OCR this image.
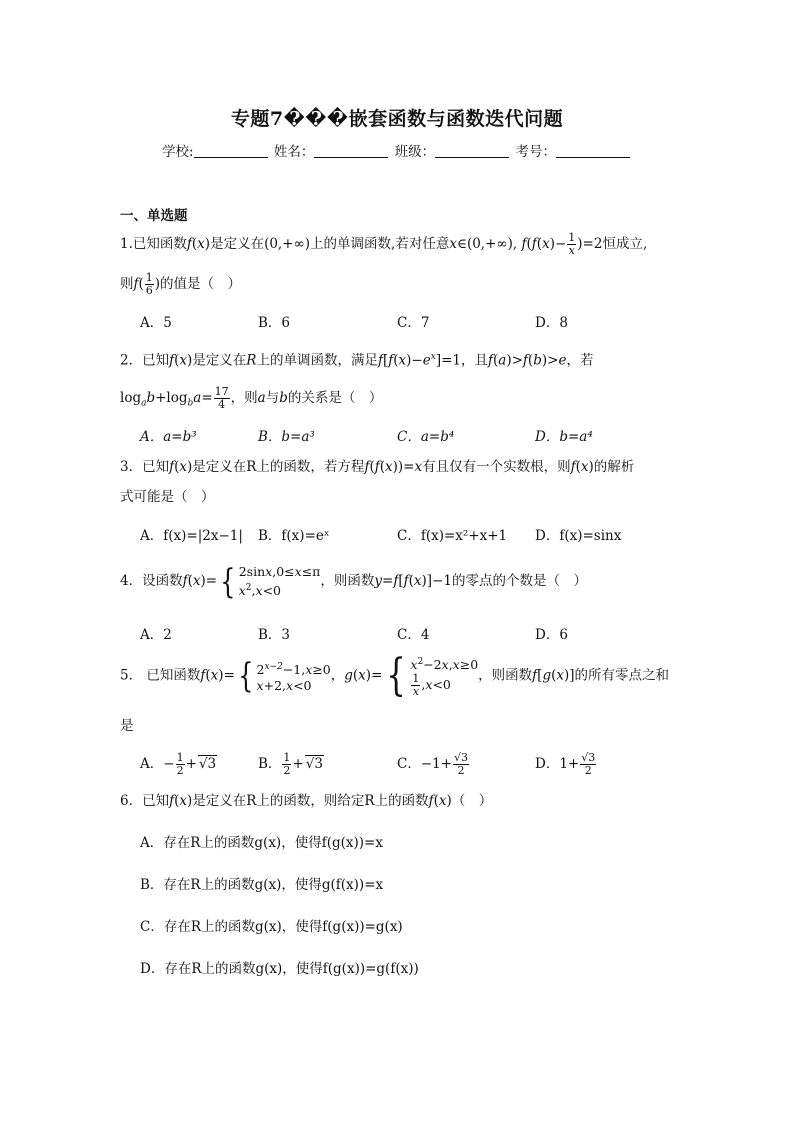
专题7���嵌套函数与函数迭代问题
学校:	姓名：	班级：	考号：
一、单选题
1.已知函数f(x)是定义在(0,+∞)上的单调函数,若对任意x∈(0,+∞), $f(f(x)- \frac{1}{x} )=2$恒成立,
则$f( \frac{1}{6}$ )的值是（　）
A．5	B．6	C．7	D．8
2．已知f(x)是定义在R上的单调函数，满足$f[f(x)-e^x]=1$，且f(a)>f(b)>e，若
$\log_ab+\log_ba= \frac{17}{4}$ ，则a与b的关系是（　）
A．a=b³	B．b=a³	C．a=b⁴	D．b=a⁴
3．已知f(x)是定义在R上的函数，若方程f(f(x))=x有且仅有一个实数根，则f(x)的解析
式可能是（　）
A．f(x)=|2x−1| B．f(x)=eˣ	C．f(x)=x²+x+1 D．f(x)=sinx
4．设函数f(x)={ 2sinx,0≤x≤π
$x^2,x<0$
，则函数y=f[f(x)]−1的零点的个数是（　）
A．2	B．3	C．4	D．6
5． 已知函数f(x)={ $2^{x-2}-1,x\ge 0$
x+2,x<0
，g(x)={ $x^2-2x,x\ge 0$
$\frac{1}{x} ,x<0$
，则函数f[g(x)]的所有零点之和
是
A．− $\frac{1}{2} + √3$	B． $\frac{1}{2} + √3$	C．$-1+ \frac{√3}{2}$	D．$1+ \frac{√3}{2}$
6．已知f(x)是定义在R上的函数，则给定R上的函数f(x)（　）
A．存在R上的函数g(x)，使得f(g(x))=x
B．存在R上的函数g(x)，使得g(f(x))=x
C．存在R上的函数g(x)，使得f(g(x))=g(x)
D．存在R上的函数g(x)，使得f(g(x))=g(f(x))
